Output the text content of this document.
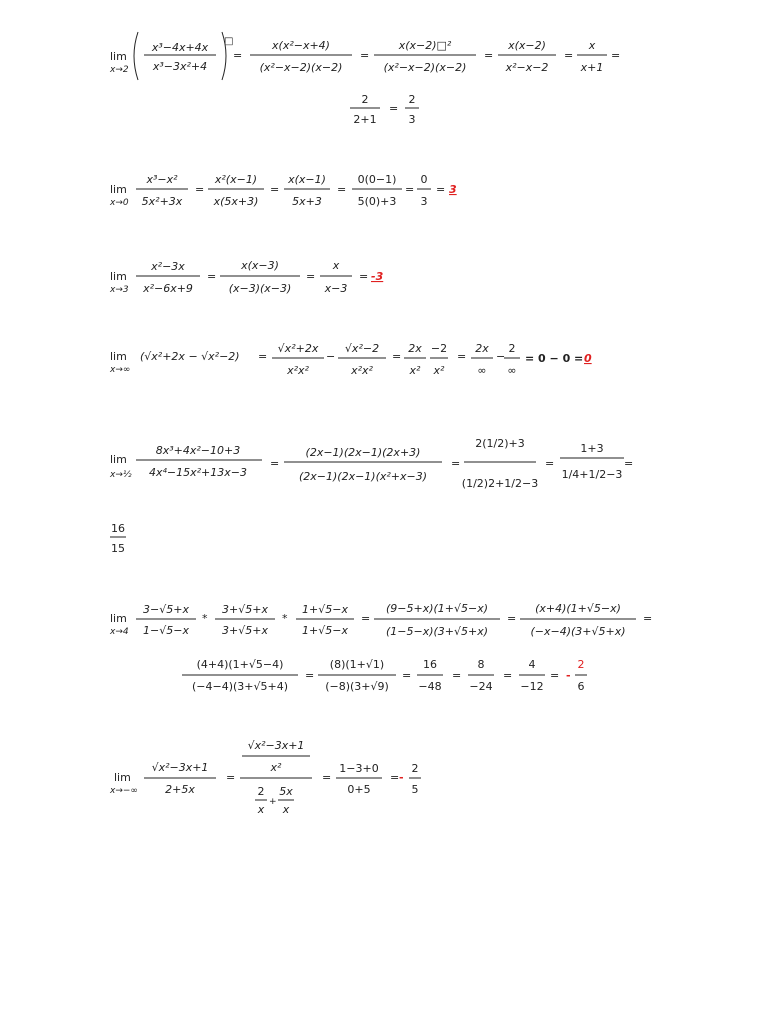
lim
x→2
□
x³−4x+4x
x³−3x²+4
=
x(x²−x+4)
(x²−x−2)(x−2)
=
x(x−2)□²
(x²−x−2)(x−2)
=
x(x−2)
x²−x−2
=
x
x+1
=
2
2+1
=
2
3
lim
x→0
x³−x²
5x²+3x
=
x²(x−1)
x(5x+3)
=
x(x−1)
5x+3
=
0(0−1)
5(0)+3
=
0
3
= 3
lim
x→3
x²−3x
x²−6x+9
=
x(x−3)
(x−3)(x−3)
=
x
x−3
= -3
lim
x→∞
(√x²+2x − √x²−2) =
√x²+2x
x²x²
−
√x²−2
x²x²
=
2x
x²
−2
x²
=
2x
∞
−
2
∞
= 0 − 0 = 0
lim
x→½
8x³+4x²−10+3
4x⁴−15x²+13x−3
=
(2x−1)(2x−1)(2x+3)
(2x−1)(2x−1)(x²+x−3)
=
2(1/2)+3
(1/2)2+1/2−3
=
1+3
1/4+1/2−3
=
16
15
lim
x→4
3−√5+x
1−√5−x
*
3+√5+x
3+√5+x
*
1+√5−x
1+√5−x
=
(9−5+x)(1+√5−x)
(1−5−x)(3+√5+x)
=
(x+4)(1+√5−x)
(−x−4)(3+√5+x)
=
(4+4)(1+√5−4)
(−4−4)(3+√5+4)
=
(8)(1+√1)
(−8)(3+√9)
=
16
−48
=
8
−24
=
4
−12
= -
2
6
lim
x→−∞
√x²−3x+1
2+5x
=
√x²−3x+1
x²
2
x
+
5x
x
=
1−3+0
0+5
= -
2
5
